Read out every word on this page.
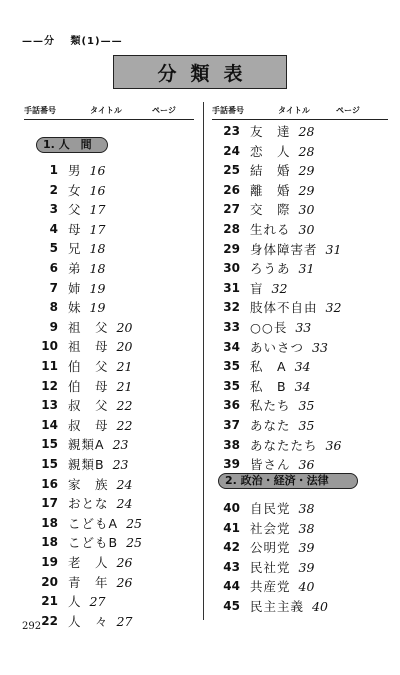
——分　 類(1)——
分類表
手話番号	タイトル	ページ	手話番号	タイトル	ページ
1. 人　間
2. 政治・経済・法律
1 男 16
2 女 16
3 父 17
4 母 17
5 兄 18
6 弟 18
7 姉 19
8 妹 19
9 祖　父 20
10 祖　母 20
11 伯　父 21
12 伯　母 21
13 叔　父 22
14 叔　母 22
15 親類A 23
15 親類B 23
16 家　族 24
17 おとな 24
18 こどもA 25
18 こどもB 25
19 老　人 26
20 青　年 26
21 人 27
22 人　々 27
23 友　達 28
24 恋　人 28
25 結　婚 29
26 離　婚 29
27 交　際 30
28 生れる 30
29 身体障害者 31
30 ろうあ 31
31 盲 32
32 肢体不自由 32
33 ○○長 33
34 あいさつ 33
35 私　A 34
35 私　B 34
36 私たち 35
37 あなた 35
38 あなたたち 36
39 皆さん 36
40 自民党 38
41 社会党 38
42 公明党 39
43 民社党 39
44 共産党 40
45 民主主義 40
292
